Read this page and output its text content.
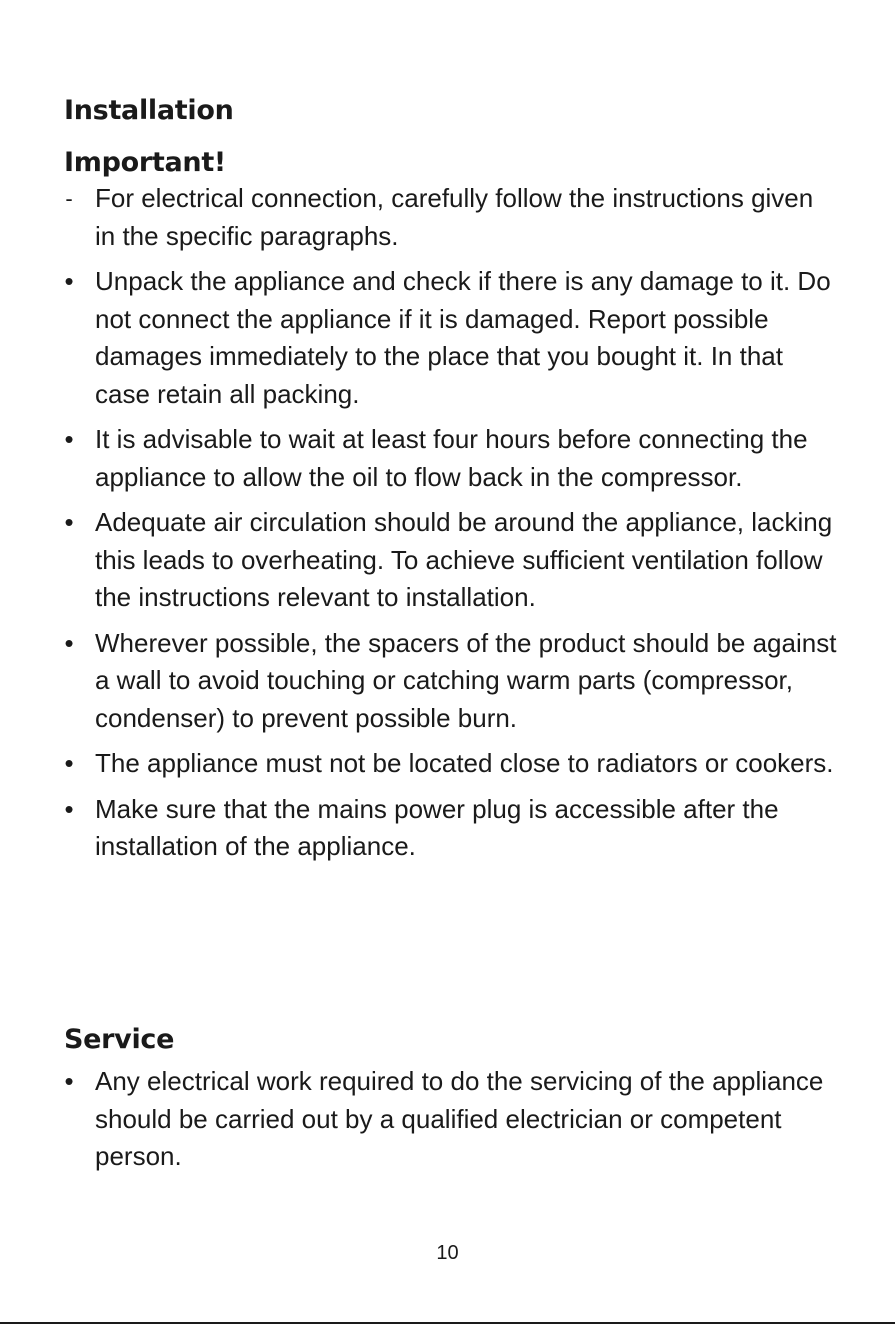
Installation
Important!
- For electrical connection, carefully follow the instructions given in the specific paragraphs.
• Unpack the appliance and check if there is any damage to it. Do not connect the appliance if it is damaged. Report possible damages immediately to the place that you bought it. In that case retain all packing.
• It is advisable to wait at least four hours before connecting the appliance to allow the oil to flow back in the compressor.
• Adequate air circulation should be around the appliance, lacking this leads to overheating. To achieve sufficient ventilation follow the instructions relevant to installation.
• Wherever possible, the spacers of the product should be against a wall to avoid touching or catching warm parts (compressor, condenser) to prevent possible burn.
• The appliance must not be located close to radiators or cookers.
• Make sure that the mains power plug is accessible after the installation of the appliance.
Service
• Any electrical work required to do the servicing of the appliance should be carried out by a qualified electrician or competent person.
10
